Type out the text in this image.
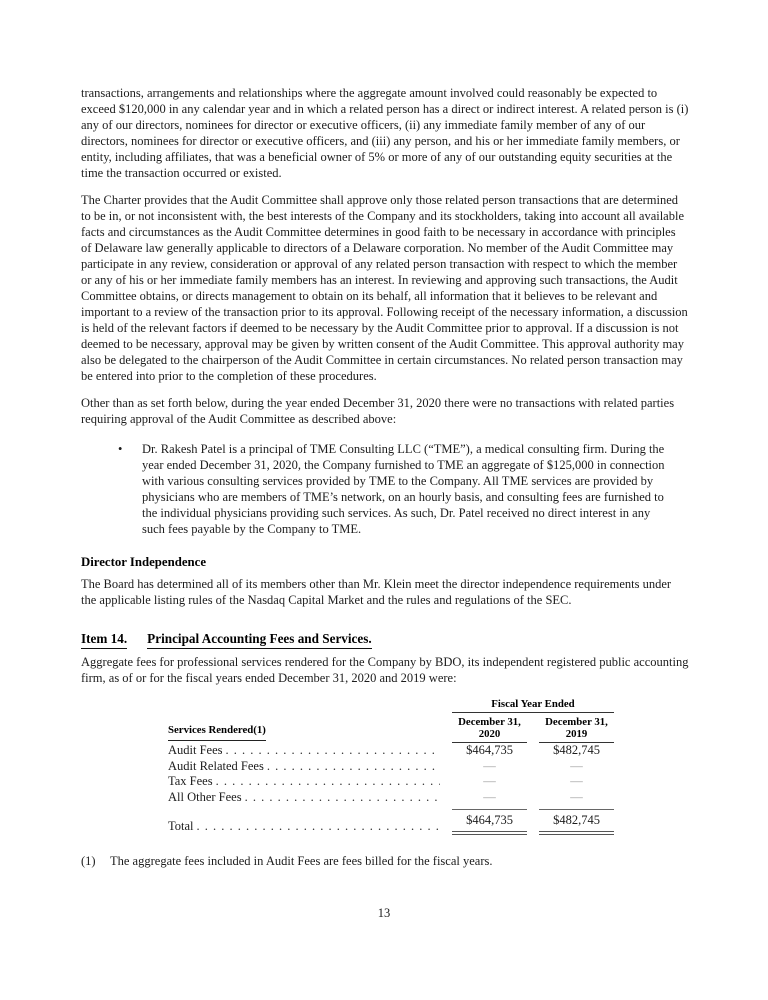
transactions, arrangements and relationships where the aggregate amount involved could reasonably be expected to exceed $120,000 in any calendar year and in which a related person has a direct or indirect interest. A related person is (i) any of our directors, nominees for director or executive officers, (ii) any immediate family member of any of our directors, nominees for director or executive officers, and (iii) any person, and his or her immediate family members, or entity, including affiliates, that was a beneficial owner of 5% or more of any of our outstanding equity securities at the time the transaction occurred or existed.

The Charter provides that the Audit Committee shall approve only those related person transactions that are determined to be in, or not inconsistent with, the best interests of the Company and its stockholders, taking into account all available facts and circumstances as the Audit Committee determines in good faith to be necessary in accordance with principles of Delaware law generally applicable to directors of a Delaware corporation. No member of the Audit Committee may participate in any review, consideration or approval of any related person transaction with respect to which the member or any of his or her immediate family members has an interest. In reviewing and approving such transactions, the Audit Committee obtains, or directs management to obtain on its behalf, all information that it believes to be relevant and important to a review of the transaction prior to its approval. Following receipt of the necessary information, a discussion is held of the relevant factors if deemed to be necessary by the Audit Committee prior to approval. If a discussion is not deemed to be necessary, approval may be given by written consent of the Audit Committee. This approval authority may also be delegated to the chairperson of the Audit Committee in certain circumstances. No related person transaction may be entered into prior to the completion of these procedures.

Other than as set forth below, during the year ended December 31, 2020 there were no transactions with related parties requiring approval of the Audit Committee as described above:

•	Dr. Rakesh Patel is a principal of TME Consulting LLC (“TME”), a medical consulting firm. During the year ended December 31, 2020, the Company furnished to TME an aggregate of $125,000 in connection with various consulting services provided by TME to the Company. All TME services are provided by physicians who are members of TME’s network, on an hourly basis, and consulting fees are furnished to the individual physicians providing such services. As such, Dr. Patel received no direct interest in any such fees payable by the Company to TME.
Director Independence

The Board has determined all of its members other than Mr. Klein meet the director independence requirements under the applicable listing rules of the Nasdaq Capital Market and the rules and regulations of the SEC.

Item 14. Principal Accounting Fees and Services.

Aggregate fees for professional services rendered for the Company by BDO, its independent registered public accounting firm, as of or for the fiscal years ended December 31, 2020 and 2019 were:

Fiscal Year Ended
Services Rendered(1)
December 31,
2020
December 31,
2019
Audit Fees . . .	$464,735	$482,745
Audit Related Fees . . .	—	—
Tax Fees . . .	—	—
All Other Fees . . .	—	—
Total . . .	$464,735	$482,745
(1)	The aggregate fees included in Audit Fees are fees billed for the fiscal years.
13
